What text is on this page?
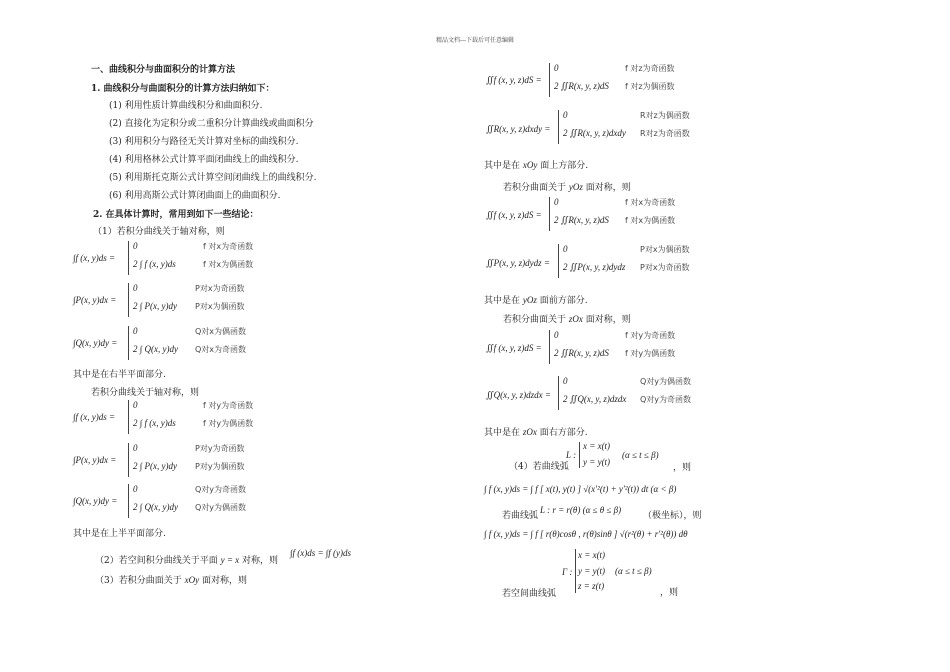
精品文档---下载后可任意编辑
一、曲线积分与曲面积分的计算方法
1. 曲线积分与曲面积分的计算方法归纳如下：
(1) 利用性质计算曲线积分和曲面积分.
(2) 直接化为定积分或二重积分计算曲线或曲面积分
(3) 利用积分与路径无关计算对坐标的曲线积分.
(4) 利用格林公式计算平面闭曲线上的曲线积分.
(5) 利用斯托克斯公式计算空间闭曲线上的曲线积分.
(6) 利用高斯公式计算闭曲面上的曲面积分.
2. 在具体计算时，常用到如下一些结论：
（1）若积分曲线关于轴对称，则
∫f (x, y)ds =
0
2 ∫ f (x, y)ds
f 对x为奇函数
f 对x为偶函数
∫P(x, y)dx =
0
2 ∫ P(x, y)dy
P对x为奇函数
P对x为偶函数
∫Q(x, y)dy =
0
2 ∫ Q(x, y)dy
Q对x为偶函数
Q对x为奇函数
其中是在右半平面部分.
若积分曲线关于轴对称，则
∫f (x, y)ds =
0
2 ∫ f (x, y)ds
f 对y为奇函数
f 对y为偶函数
∫P(x, y)dx =
0
2 ∫ P(x, y)dy
P对y为奇函数
P对y为偶函数
∫Q(x, y)dy =
0
2 ∫ Q(x, y)dy
Q对y为奇函数
Q对y为偶函数
其中是在上半平面部分.
（2）若空间积分曲线关于平面 y = x 对称，则
∫f (x)ds = ∫f (y)ds
（3）若积分曲面关于 xOy 面对称，则
∬f (x, y, z)dS =
0
2 ∬R(x, y, z)dS
f 对z为奇函数
f 对z为偶函数
∬R(x, y, z)dxdy =
0
2 ∬R(x, y, z)dxdy
R对z为偶函数
R对z为奇函数
其中是在 xOy 面上方部分.
若积分曲面关于 yOz 面对称，则
∬f (x, y, z)dS =
0
2 ∬R(x, y, z)dS
f 对x为奇函数
f 对x为偶函数
∬P(x, y, z)dydz =
0
2 ∬P(x, y, z)dydz
P对x为偶函数
P对x为奇函数
其中是在 yOz 面前方部分.
若积分曲面关于 zOx 面对称，则
∬f (x, y, z)dS =
0
2 ∬R(x, y, z)dS
f 对y为奇函数
f 对y为偶函数
∬Q(x, y, z)dzdx =
0
2 ∬Q(x, y, z)dzdx
Q对y为偶函数
Q对y为奇函数
其中是在 zOx 面右方部分.
（4）若曲线弧
L :
x = x(t)
y = y(t)
(α ≤ t ≤ β)
，则
∫ f (x, y)ds = ∫ f [ x(t), y(t) ] √(x′²(t) + y′²(t)) dt (α < β)
若曲线弧
L : r = r(θ) (α ≤ θ ≤ β)
（极坐标），则
∫ f (x, y)ds = ∫ f [ r(θ)cosθ , r(θ)sinθ ] √(r²(θ) + r′²(θ)) dθ
Γ :
x = x(t)
y = y(t)
z = z(t)
(α ≤ t ≤ β)
若空间曲线弧	，则
